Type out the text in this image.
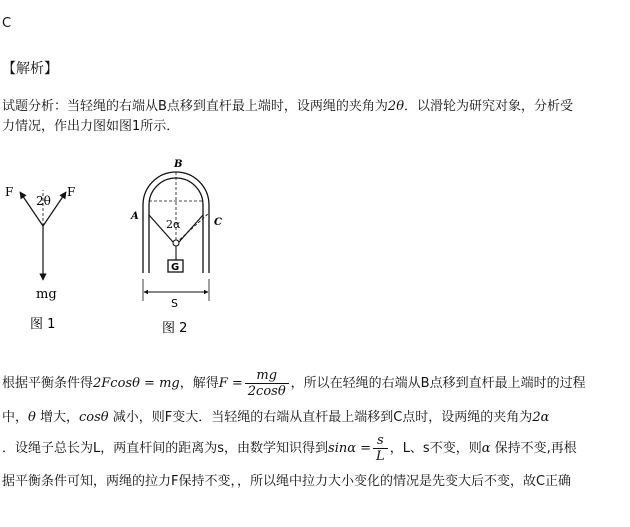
C
【解析】
试题分析：当轻绳的右端从B点移到直杆最上端时，设两绳的夹角为2θ．以滑轮为研究对象，分析受
力情况，作出力图如图1所示．
F	F
2θ
mg
图 1
G
B
A
C
2α
S
图 2
根据平衡条件得2Fcosθ = mg，解得$F = \frac{mg}{2\cos\theta}$ ，所以在轻绳的右端从B点移到直杆最上端时的过程
中，θ 增大，cosθ 减小，则F变大．当轻绳的右端从直杆最上端移到C点时，设两绳的夹角为2α
．设绳子总长为L，两直杆间的距离为s，由数学知识得到$\sin\alpha = \frac{s}{L}$ ，L、s不变，则α 保持不变,再根
据平衡条件可知，两绳的拉力F保持不变，，所以绳中拉力大小变化的情况是先变大后不变，故C正确
